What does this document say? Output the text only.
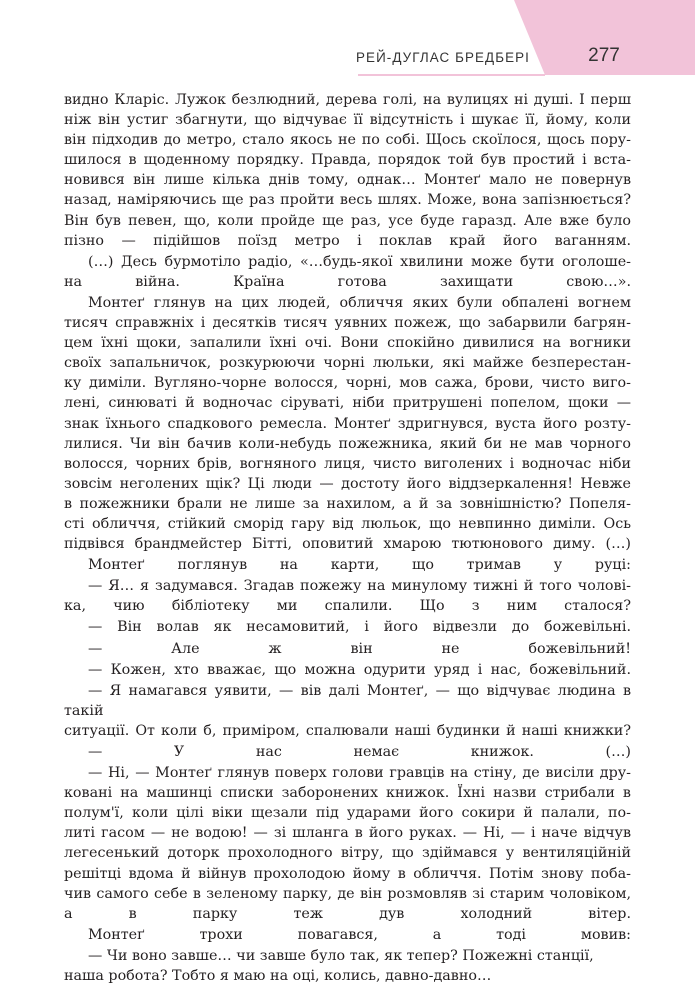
РЕЙ-ДУГЛАС БРЕДБЕРІ	277

видно Кларіс. Лужок безлюдний, дерева голі, на вулицях ні душі. І перш
ніж він устиг збагнути, що відчуває її відсутність і шукає її, йому, коли
він підходив до метро, стало якось не по собі. Щось скоїлося, щось пору-
шилося в щоденному порядку. Правда, порядок той був простий і вста-
новився він лише кілька днів тому, однак… Монтеґ мало не повернув
назад, наміряючись ще раз пройти весь шлях. Може, вона запізнюється?
Він був певен, що, коли пройде ще раз, усе буде гаразд. Але вже було
пізно — підійшов поїзд метро і поклав край його ваганням.

(…) Десь бурмотіло радіо, «…будь-якої хвилини може бути оголоше-
на війна. Країна готова захищати свою…».

Монтеґ глянув на цих людей, обличчя яких були обпалені вогнем
тисяч справжніх і десятків тисяч уявних пожеж, що забарвили багрян-
цем їхні щоки, запалили їхні очі. Вони спокійно дивилися на вогники
своїх запальничок, розкурюючи чорні люльки, які майже безперестан-
ку диміли. Вугляно-чорне волосся, чорні, мов сажа, брови, чисто виго-
лені, синюваті й водночас сіруваті, ніби притрушені попелом, щоки —
знак їхнього спадкового ремесла. Монтеґ здригнувся, вуста його розту-
лилися. Чи він бачив коли-небудь пожежника, який би не мав чорного
волосся, чорних брів, вогняного лиця, чисто виголених і водночас ніби
зовсім неголених щік? Ці люди — достоту його віддзеркалення! Невже
в пожежники брали не лише за нахилом, а й за зовнішністю? Попеля-
сті обличчя, стійкий сморід гару від люльок, що невпинно диміли. Ось
підвівся брандмейстер Бітті, оповитий хмарою тютюнового диму. (…)

Монтеґ поглянув на карти, що тримав у руці:

— Я… я задумався. Згадав пожежу на минулому тижні й того чолові-
ка, чию бібліотеку ми спалили. Що з ним сталося?

— Він волав як несамовитий, і його відвезли до божевільні.

— Але ж він не божевільний!

— Кожен, хто вважає, що можна одурити уряд і нас, божевільний.

— Я намагався уявити, — вів далі Монтеґ, — що відчуває людина в такій
ситуації. От коли б, приміром, спалювали наші будинки й наші книжки?

— У нас немає книжок. (…)

— Ні, — Монтеґ глянув поверх голови гравців на стіну, де висіли дру-
ковані на машинці списки заборонених книжок. Їхні назви стрибали в
полум'ї, коли цілі віки щезали під ударами його сокири й палали, по-
литі гасом — не водою! — зі шланга в його руках. — Ні, — і наче відчув
легесенький доторк прохолодного вітру, що здіймався у вентиляційній
решітці вдома й війнув прохолодою йому в обличчя. Потім знову поба-
чив самого себе в зеленому парку, де він розмовляв зі старим чоловіком,
а в парку теж дув холодний вітер.

Монтеґ трохи повагався, а тоді мовив:

— Чи воно завше… чи завше було так, як тепер? Пожежні станції,
наша робота? Тобто я маю на оці, колись, давно-давно…
